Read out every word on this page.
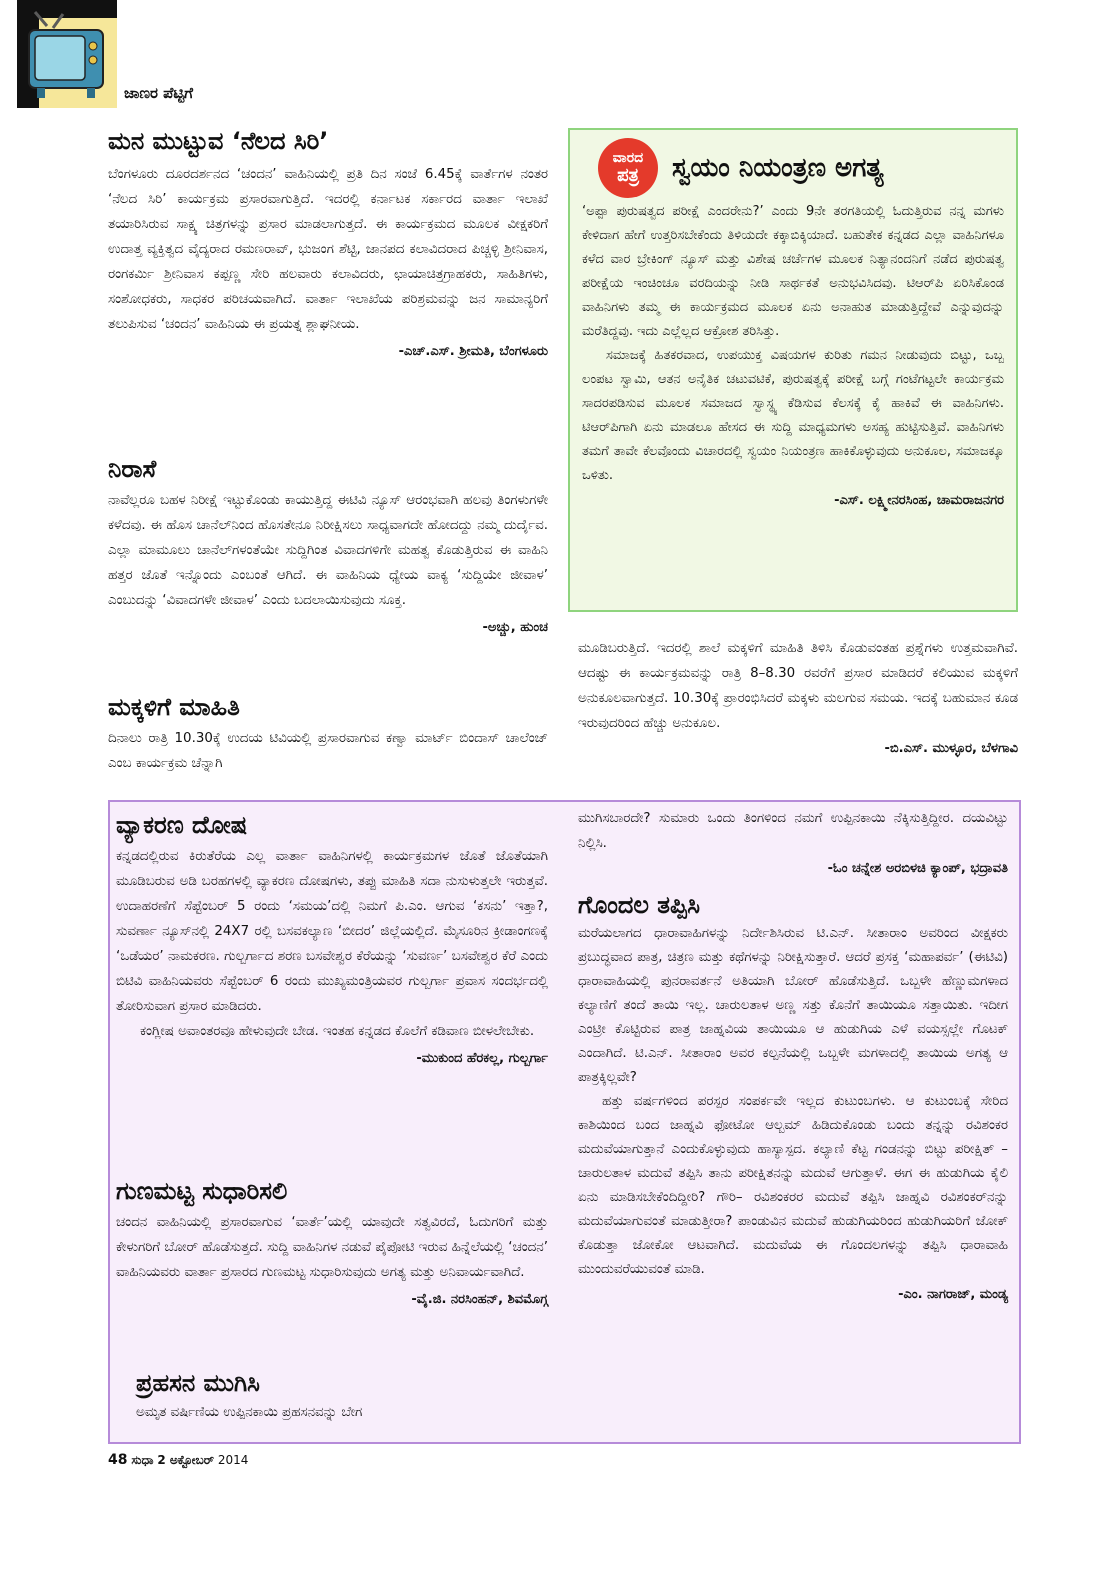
ಜಾಣರ ಪೆಟ್ಟಿಗೆ
ಮನ ಮುಟ್ಟುವ ‘ನೆಲದ ಸಿರಿ’

ಬೆಂಗಳೂರು ದೂರದರ್ಶನದ ‘ಚಂದನ’ ವಾಹಿನಿಯಲ್ಲಿ ಪ್ರತಿ ದಿನ ಸಂಜೆ 6.45ಕ್ಕೆ ವಾರ್ತೆಗಳ ನಂತರ ‘ನೆಲದ ಸಿರಿ’ ಕಾರ್ಯಕ್ರಮ ಪ್ರಸಾರವಾಗುತ್ತಿದೆ. ಇದರಲ್ಲಿ ಕರ್ನಾಟಕ ಸರ್ಕಾರದ ವಾರ್ತಾ ಇಲಾಖೆ ತಯಾರಿಸಿರುವ ಸಾಕ್ಷ್ಯ ಚಿತ್ರಗಳನ್ನು ಪ್ರಸಾರ ಮಾಡಲಾಗುತ್ತದೆ. ಈ ಕಾರ್ಯಕ್ರಮದ ಮೂಲಕ ವೀಕ್ಷಕರಿಗೆ ಉದಾತ್ತ ವ್ಯಕ್ತಿತ್ವದ ವೈದ್ಯರಾದ ರಮಣರಾವ್, ಭುಜಂಗ ಶೆಟ್ಟಿ, ಜಾನಪದ ಕಲಾವಿದರಾದ ಪಿಚ್ಚಳ್ಳಿ ಶ್ರೀನಿವಾಸ, ರಂಗಕರ್ಮಿ ಶ್ರೀನಿವಾಸ ಕಪ್ಪಣ್ಣ ಸೇರಿ ಹಲವಾರು ಕಲಾವಿದರು, ಛಾಯಾಚಿತ್ರಗ್ರಾಹಕರು, ಸಾಹಿತಿಗಳು, ಸಂಶೋಧಕರು, ಸಾಧಕರ ಪರಿಚಯವಾಗಿದೆ. ವಾರ್ತಾ ಇಲಾಖೆಯ ಪರಿಶ್ರಮವನ್ನು ಜನ ಸಾಮಾನ್ಯರಿಗೆ ತಲುಪಿಸುವ ‘ಚಂದನ’ ವಾಹಿನಿಯ ಈ ಪ್ರಯತ್ನ ಶ್ಲಾಘನೀಯ.

-ಎಚ್.ಎಸ್. ಶ್ರೀಮತಿ, ಬೆಂಗಳೂರು
ನಿರಾಸೆ

ನಾವೆಲ್ಲರೂ ಬಹಳ ನಿರೀಕ್ಷೆ ಇಟ್ಟುಕೊಂಡು ಕಾಯುತ್ತಿದ್ದ ಈಟಿವಿ ನ್ಯೂಸ್ ಆರಂಭವಾಗಿ ಹಲವು ತಿಂಗಳುಗಳೇ ಕಳೆದವು. ಈ ಹೊಸ ಚಾನೆಲ್‌ನಿಂದ ಹೊಸತೇನೂ ನಿರೀಕ್ಷಿಸಲು ಸಾಧ್ಯವಾಗದೇ ಹೋದದ್ದು ನಮ್ಮ ದುರ್ದೈವ. ಎಲ್ಲಾ ಮಾಮೂಲು ಚಾನೆಲ್‌ಗಳಂತೆಯೇ ಸುದ್ದಿಗಿಂತ ವಿವಾದಗಳಿಗೇ ಮಹತ್ವ ಕೊಡುತ್ತಿರುವ ಈ ವಾಹಿನಿ ಹತ್ತರ ಜೊತೆ ಇನ್ನೊಂದು ಎಂಬಂತೆ ಆಗಿದೆ. ಈ ವಾಹಿನಿಯ ಧ್ಯೇಯ ವಾಕ್ಯ ‘ಸುದ್ದಿಯೇ ಜೀವಾಳ’ ಎಂಬುದನ್ನು ‘ವಿವಾದಗಳೇ ಜೀವಾಳ’ ಎಂದು ಬದಲಾಯಿಸುವುದು ಸೂಕ್ತ.

-ಅಚ್ಚು, ಹುಂಚ
ಮಕ್ಕಳಿಗೆ ಮಾಹಿತಿ

ದಿನಾಲು ರಾತ್ರಿ 10.30ಕ್ಕೆ ಉದಯ ಟಿವಿಯಲ್ಲಿ ಪ್ರಸಾರವಾಗುವ ಕಣ್ವಾ ಮಾರ್ಟ್ ಬಿಂದಾಸ್ ಚಾಲೆಂಜ್ ಎಂಬ ಕಾರ್ಯಕ್ರಮ ಚೆನ್ನಾಗಿ

ವಾರದ
ಪತ್ರ ಸ್ವಯಂ ನಿಯಂತ್ರಣ ಅಗತ್ಯ

‘ಅಪ್ಪಾ ಪುರುಷತ್ವದ ಪರೀಕ್ಷೆ ಎಂದರೇನು?’ ಎಂದು 9ನೇ ತರಗತಿಯಲ್ಲಿ ಓದುತ್ತಿರುವ ನನ್ನ ಮಗಳು ಕೇಳಿದಾಗ ಹೇಗೆ ಉತ್ತರಿಸಬೇಕೆಂದು ತಿಳಿಯದೇ ಕಕ್ಕಾಬಿಕ್ಕಿಯಾದೆ. ಬಹುತೇಕ ಕನ್ನಡದ ಎಲ್ಲಾ ವಾಹಿನಿಗಳೂ ಕಳೆದ ವಾರ ಬ್ರೇಕಿಂಗ್ ನ್ಯೂಸ್ ಮತ್ತು ವಿಶೇಷ ಚರ್ಚೆಗಳ ಮೂಲಕ ನಿತ್ಯಾನಂದನಿಗೆ ನಡೆದ ಪುರುಷತ್ವ ಪರೀಕ್ಷೆಯ ಇಂಚಿಂಚೂ ವರದಿಯನ್ನು ನೀಡಿ ಸಾರ್ಥಕತೆ ಅನುಭವಿಸಿದವು. ಟಿಆರ್‌ಪಿ ಏರಿಸಿಕೊಂಡ ವಾಹಿನಿಗಳು ತಮ್ಮ ಈ ಕಾರ್ಯಕ್ರಮದ ಮೂಲಕ ಏನು ಅನಾಹುತ ಮಾಡುತ್ತಿದ್ದೇವೆ ಎನ್ನುವುದನ್ನು ಮರೆತಿದ್ದವು. ಇದು ಎಲ್ಲೆಲ್ಲದ ಆಕ್ರೋಶ ತರಿಸಿತ್ತು.

ಸಮಾಜಕ್ಕೆ ಹಿತಕರವಾದ, ಉಪಯುಕ್ತ ವಿಷಯಗಳ ಕುರಿತು ಗಮನ ನೀಡುವುದು ಬಿಟ್ಟು, ಒಬ್ಬ ಲಂಪಟ ಸ್ವಾಮಿ, ಆತನ ಅನೈತಿಕ ಚಟುವಟಿಕೆ, ಪುರುಷತ್ವಕ್ಕೆ ಪರೀಕ್ಷೆ ಬಗ್ಗೆ ಗಂಟೆಗಟ್ಟಲೇ ಕಾರ್ಯಕ್ರಮ ಸಾದರಪಡಿಸುವ ಮೂಲಕ ಸಮಾಜದ ಸ್ವಾಸ್ಥ್ಯ ಕೆಡಿಸುವ ಕೆಲಸಕ್ಕೆ ಕೈ ಹಾಕಿವೆ ಈ ವಾಹಿನಿಗಳು. ಟಿಆರ್‌ಪಿಗಾಗಿ ಏನು ಮಾಡಲೂ ಹೇಸದ ಈ ಸುದ್ದಿ ಮಾಧ್ಯಮಗಳು ಅಸಹ್ಯ ಹುಟ್ಟಿಸುತ್ತಿವೆ. ವಾಹಿನಿಗಳು ತಮಗೆ ತಾವೇ ಕೆಲವೊಂದು ವಿಚಾರದಲ್ಲಿ ಸ್ವಯಂ ನಿಯಂತ್ರಣ ಹಾಕಿಕೊಳ್ಳುವುದು ಅನುಕೂಲ, ಸಮಾಜಕ್ಕೂ ಒಳಿತು.

-ಎಸ್. ಲಕ್ಷ್ಮೀನರಸಿಂಹ, ಚಾಮರಾಜನಗರ

ಮೂಡಿಬರುತ್ತಿದೆ. ಇದರಲ್ಲಿ ಶಾಲೆ ಮಕ್ಕಳಿಗೆ ಮಾಹಿತಿ ತಿಳಿಸಿ ಕೊಡುವಂತಹ ಪ್ರಶ್ನೆಗಳು ಉತ್ತಮವಾಗಿವೆ. ಆದಷ್ಟು ಈ ಕಾರ್ಯಕ್ರಮವನ್ನು ರಾತ್ರಿ 8–8.30 ರವರೆಗೆ ಪ್ರಸಾರ ಮಾಡಿದರೆ ಕಲಿಯುವ ಮಕ್ಕಳಿಗೆ ಅನುಕೂಲವಾಗುತ್ತದೆ. 10.30ಕ್ಕೆ ಪ್ರಾರಂಭಿಸಿದರೆ ಮಕ್ಕಳು ಮಲಗುವ ಸಮಯ. ಇದಕ್ಕೆ ಬಹುಮಾನ ಕೂಡ ಇರುವುದರಿಂದ ಹೆಚ್ಚು ಅನುಕೂಲ.

-ಬಿ.ಎಸ್. ಮುಳ್ಳೂರ, ಬೆಳಗಾವಿ
ವ್ಯಾಕರಣ ದೋಷ

ಕನ್ನಡದಲ್ಲಿರುವ ಕಿರುತೆರೆಯ ಎಲ್ಲ ವಾರ್ತಾ ವಾಹಿನಿಗಳಲ್ಲಿ ಕಾರ್ಯಕ್ರಮಗಳ ಜೊತೆ ಜೊತೆಯಾಗಿ ಮೂಡಿಬರುವ ಅಡಿ ಬರಹಗಳಲ್ಲಿ ವ್ಯಾಕರಣ ದೋಷಗಳು, ತಪ್ಪು ಮಾಹಿತಿ ಸದಾ ನುಸುಳುತ್ತಲೇ ಇರುತ್ತವೆ. ಉದಾಹರಣೆಗೆ ಸೆಪ್ಟೆಂಬರ್ 5 ರಂದು ‘ಸಮಯ’ದಲ್ಲಿ ನಿಮಗೆ ಪಿ.ಎಂ. ಆಗುವ ‘ಕಸನು’ ಇತ್ತಾ?, ಸುವರ್ಣಾ ನ್ಯೂಸ್‌ನಲ್ಲಿ 24X7 ರಲ್ಲಿ ಬಸವಕಲ್ಯಾಣ ‘ಬೀದರ’ ಜಿಲ್ಲೆಯಲ್ಲಿದೆ. ಮೈಸೂರಿನ ಕ್ರೀಡಾಂಗಣಕ್ಕೆ ‘ಒಡೆಯರ’ ನಾಮಕರಣ. ಗುಲ್ಬರ್ಗಾದ ಶರಣ ಬಸವೇಶ್ವರ ಕೆರೆಯನ್ನು ‘ಸುವರ್ಣ’ ಬಸವೇಶ್ವರ ಕೆರೆ ಎಂದು ಬಿಟಿವಿ ವಾಹಿನಿಯವರು ಸೆಪ್ಟೆಂಬರ್ 6 ರಂದು ಮುಖ್ಯಮಂತ್ರಿಯವರ ಗುಲ್ಬರ್ಗಾ ಪ್ರವಾಸ ಸಂದರ್ಭದಲ್ಲಿ ತೋರಿಸುವಾಗ ಪ್ರಸಾರ ಮಾಡಿದರು.

ಕಂಗ್ಲೀಷ ಅವಾಂತರವೂ ಹೇಳುವುದೇ ಬೇಡ. ಇಂತಹ ಕನ್ನಡದ ಕೊಲೆಗೆ ಕಡಿವಾಣ ಬೀಳಲೇಬೇಕು.

-ಮುಕುಂದ ಹೆರಕಲ್ಲ, ಗುಲ್ಬರ್ಗಾ
ಗುಣಮಟ್ಟ ಸುಧಾರಿಸಲಿ

ಚಂದನ ವಾಹಿನಿಯಲ್ಲಿ ಪ್ರಸಾರವಾಗುವ ‘ವಾರ್ತೆ’ಯಲ್ಲಿ ಯಾವುದೇ ಸತ್ವವಿರದೆ, ಓದುಗರಿಗೆ ಮತ್ತು ಕೇಳುಗರಿಗೆ ಬೋರ್ ಹೊಡೆಸುತ್ತದೆ. ಸುದ್ದಿ ವಾಹಿನಿಗಳ ನಡುವೆ ಪೈಪೋಟಿ ಇರುವ ಹಿನ್ನೆಲೆಯಲ್ಲಿ ‘ಚಂದನ’ ವಾಹಿನಿಯವರು ವಾರ್ತಾ ಪ್ರಸಾರದ ಗುಣಮಟ್ಟ ಸುಧಾರಿಸುವುದು ಅಗತ್ಯ ಮತ್ತು ಅನಿವಾರ್ಯವಾಗಿದೆ.

-ವೈ.ಜಿ. ನರಸಿಂಹನ್, ಶಿವಮೊಗ್ಗ
ಪ್ರಹಸನ ಮುಗಿಸಿ

ಅಮೃತ ವರ್ಷಿಣಿಯ ಉಪ್ಪಿನಕಾಯಿ ಪ್ರಹಸನವನ್ನು ಬೇಗ

ಮುಗಿಸಬಾರದೇ? ಸುಮಾರು ಒಂದು ತಿಂಗಳಿಂದ ನಮಗೆ ಉಪ್ಪಿನಕಾಯಿ ನೆಕ್ಕಿಸುತ್ತಿದ್ದೀರ. ದಯವಿಟ್ಟು ನಿಲ್ಲಿಸಿ.

-ಓಂ ಚನ್ನೇಶ ಅರಬಿಳಚಿ ಕ್ಯಾಂಪ್, ಭದ್ರಾವತಿ
ಗೊಂದಲ ತಪ್ಪಿಸಿ

ಮರೆಯಲಾಗದ ಧಾರಾವಾಹಿಗಳನ್ನು ನಿರ್ದೇಶಿಸಿರುವ ಟಿ.ಎನ್. ಸೀತಾರಾಂ ಅವರಿಂದ ವೀಕ್ಷಕರು ಪ್ರಬುದ್ಧವಾದ ಪಾತ್ರ, ಚಿತ್ರಣ ಮತ್ತು ಕಥೆಗಳನ್ನು ನಿರೀಕ್ಷಿಸುತ್ತಾರೆ. ಆದರೆ ಪ್ರಸಕ್ತ ‘ಮಹಾಪರ್ವ’ (ಈಟಿವಿ) ಧಾರಾವಾಹಿಯಲ್ಲಿ ಪುನರಾವರ್ತನೆ ಅತಿಯಾಗಿ ಬೋರ್ ಹೊಡೆಸುತ್ತಿದೆ. ಒಬ್ಬಳೇ ಹೆಣ್ಣುಮಗಳಾದ ಕಲ್ಯಾಣಿಗೆ ತಂದೆ ತಾಯಿ ಇಲ್ಲ. ಚಾರುಲತಾಳ ಅಣ್ಣ ಸತ್ತು ಕೊನೆಗೆ ತಾಯಿಯೂ ಸತ್ತಾಯಿತು. ಇದೀಗ ಎಂಟ್ರೀ ಕೊಟ್ಟಿರುವ ಪಾತ್ರ ಜಾಹ್ನವಿಯ ತಾಯಿಯೂ ಆ ಹುಡುಗಿಯ ಎಳೆ ವಯಸ್ಸಲ್ಲೇ ಗೊಟಕ್ ಎಂದಾಗಿದೆ. ಟಿ.ಎನ್. ಸೀತಾರಾಂ ಅವರ ಕಲ್ಪನೆಯಲ್ಲಿ ಒಬ್ಬಳೇ ಮಗಳಾದಲ್ಲಿ ತಾಯಿಯ ಅಗತ್ಯ ಆ ಪಾತ್ರಕ್ಕಿಲ್ಲವೇ?

ಹತ್ತು ವರ್ಷಗಳಿಂದ ಪರಸ್ಪರ ಸಂಪರ್ಕವೇ ಇಲ್ಲದ ಕುಟುಂಬಗಳು. ಆ ಕುಟುಂಬಕ್ಕೆ ಸೇರಿದ ಕಾಶಿಯಿಂದ ಬಂದ ಜಾಹ್ನವಿ ಫೋಟೋ ಆಲ್ಬಮ್ ಹಿಡಿದುಕೊಂಡು ಬಂದು ತನ್ನನ್ನು ರವಿಶಂಕರ ಮದುವೆಯಾಗುತ್ತಾನೆ ಎಂದುಕೊಳ್ಳುವುದು ಹಾಸ್ಯಾಸ್ಪದ. ಕಲ್ಯಾಣಿ ಕೆಟ್ಟ ಗಂಡನನ್ನು ಬಿಟ್ಟು ಪರೀಕ್ಷಿತ್ –ಚಾರುಲತಾಳ ಮದುವೆ ತಪ್ಪಿಸಿ ತಾನು ಪರೀಕ್ಷಿತನನ್ನು ಮದುವೆ ಆಗುತ್ತಾಳೆ. ಈಗ ಈ ಹುಡುಗಿಯ ಕೈಲಿ ಏನು ಮಾಡಿಸಬೇಕೆಂದಿದ್ದೀರಿ? ಗೌರಿ– ರವಿಶಂಕರರ ಮದುವೆ ತಪ್ಪಿಸಿ ಜಾಹ್ನವಿ ರವಿಶಂಕರ್‌ನನ್ನು ಮದುವೆಯಾಗುವಂತೆ ಮಾಡುತ್ತೀರಾ? ಪಾಂಡುವಿನ ಮದುವೆ ಹುಡುಗಿಯರಿಂದ ಹುಡುಗಿಯರಿಗೆ ಜೋಕ್ ಕೊಡುತ್ತಾ ಜೋಕೋ ಆಟವಾಗಿದೆ. ಮದುವೆಯ ಈ ಗೊಂದಲಗಳನ್ನು ತಪ್ಪಿಸಿ ಧಾರಾವಾಹಿ ಮುಂದುವರೆಯುವಂತೆ ಮಾಡಿ.

-ಎಂ. ನಾಗರಾಜ್, ಮಂಡ್ಯ
48 ಸುಧಾ 2 ಅಕ್ಟೋಬರ್ 2014
